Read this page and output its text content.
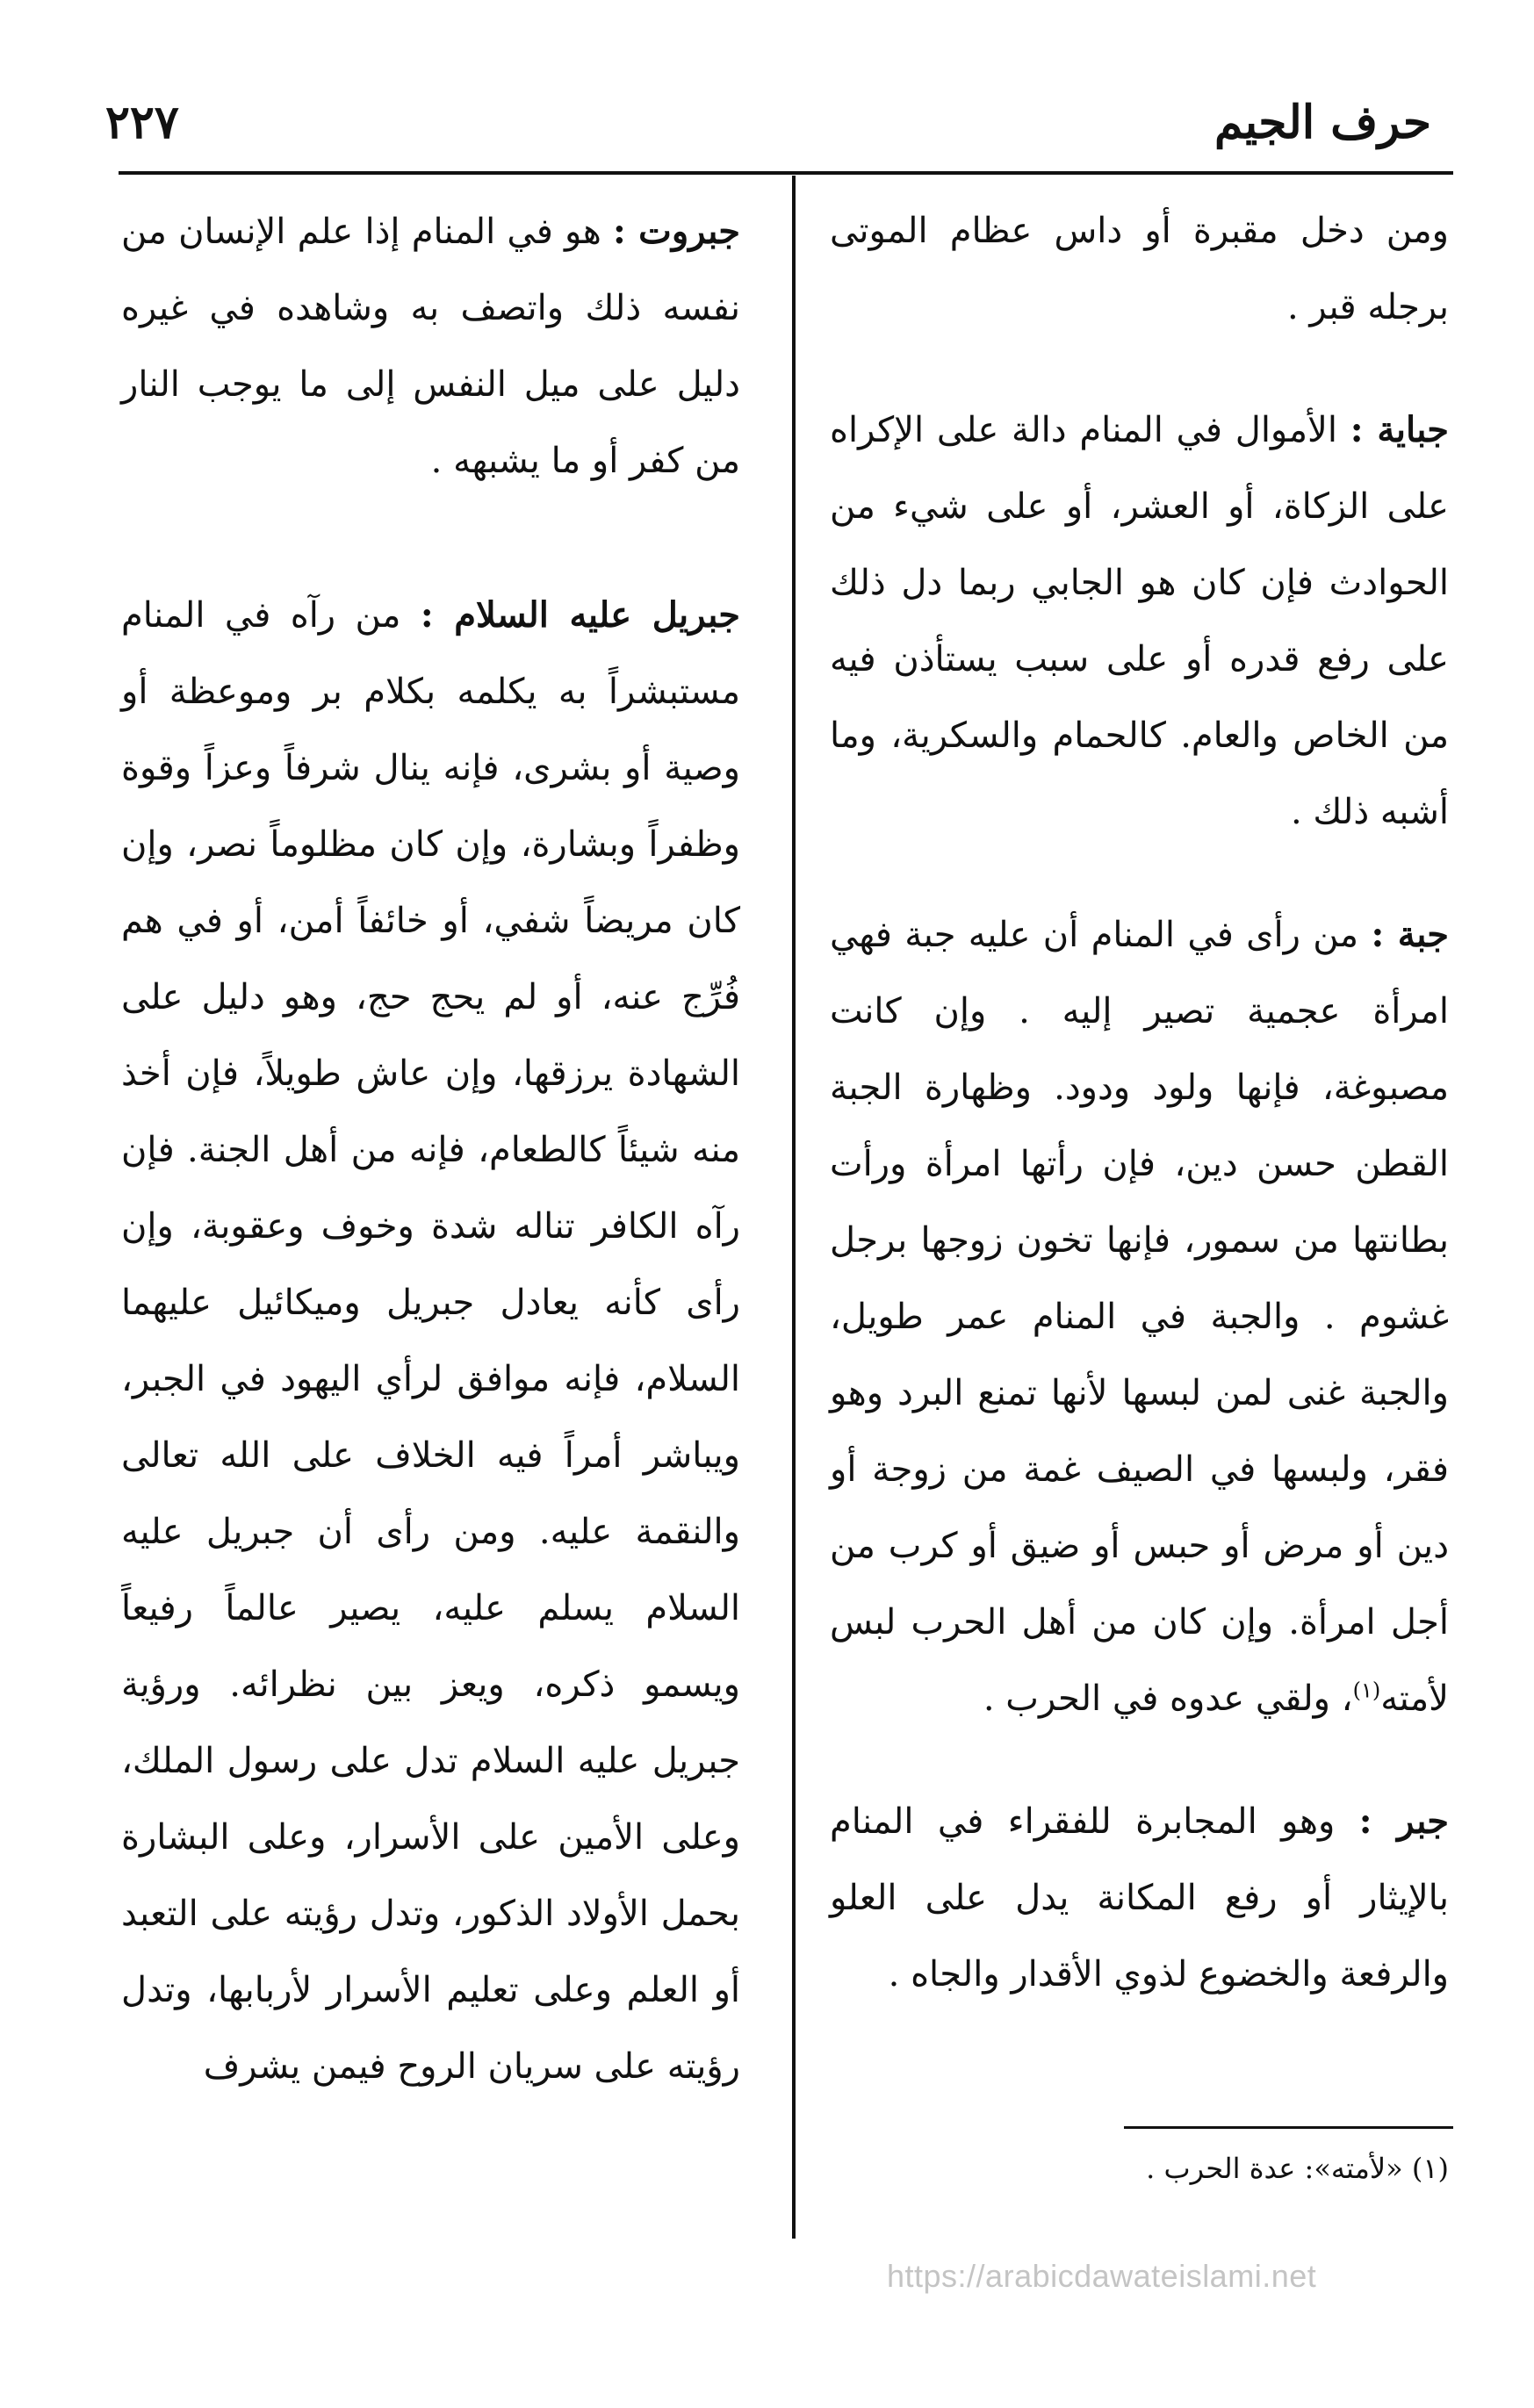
حرف الجيم
٢٢٧

ومن دخل مقبرة أو داس عظام الموتى برجله قبر .

جباية : الأموال في المنام دالة على الإكراه على الزكاة، أو العشر، أو على شيء من الحوادث فإن كان هو الجابي ربما دل ذلك على رفع قدره أو على سبب يستأذن فيه من الخاص والعام. كالحمام والسكرية، وما أشبه ذلك .

جبة : من رأى في المنام أن عليه جبة فهي امرأة عجمية تصير إليه . وإن كانت مصبوغة، فإنها ولود ودود. وظهارة الجبة القطن حسن دين، فإن رأتها امرأة ورأت بطانتها من سمور، فإنها تخون زوجها برجل غشوم . والجبة في المنام عمر طويل، والجبة غنى لمن لبسها لأنها تمنع البرد وهو فقر، ولبسها في الصيف غمة من زوجة أو دين أو مرض أو حبس أو ضيق أو كرب من أجل امرأة. وإن كان من أهل الحرب لبس لأمته$^{(١)}$، ولقي عدوه في الحرب .

جبر : وهو المجابرة للفقراء في المنام بالإيثار أو رفع المكانة يدل على العلو والرفعة والخضوع لذوي الأقدار والجاه .

جبروت : هو في المنام إذا علم الإنسان من نفسه ذلك واتصف به وشاهده في غيره دليل على ميل النفس إلى ما يوجب النار من كفر أو ما يشبهه .

جبريل عليه السلام : من رآه في المنام مستبشراً به يكلمه بكلام بر وموعظة أو وصية أو بشرى، فإنه ينال شرفاً وعزاً وقوة وظفراً وبشارة، وإن كان مظلوماً نصر، وإن كان مريضاً شفي، أو خائفاً أمن، أو في هم فُرِّج عنه، أو لم يحج حج، وهو دليل على الشهادة يرزقها، وإن عاش طويلاً، فإن أخذ منه شيئاً كالطعام، فإنه من أهل الجنة. فإن رآه الكافر تناله شدة وخوف وعقوبة، وإن رأى كأنه يعادل جبريل وميكائيل عليهما السلام، فإنه موافق لرأي اليهود في الجبر، ويباشر أمراً فيه الخلاف على الله تعالى والنقمة عليه. ومن رأى أن جبريل عليه السلام يسلم عليه، يصير عالماً رفيعاً ويسمو ذكره، ويعز بين نظرائه. ورؤية جبريل عليه السلام تدل على رسول الملك، وعلى الأمين على الأسرار، وعلى البشارة بحمل الأولاد الذكور، وتدل رؤيته على التعبد أو العلم وعلى تعليم الأسرار لأربابها، وتدل رؤيته على سريان الروح فيمن يشرف

(١) «لأمته»: عدة الحرب .
https://arabicdawateislami.net
